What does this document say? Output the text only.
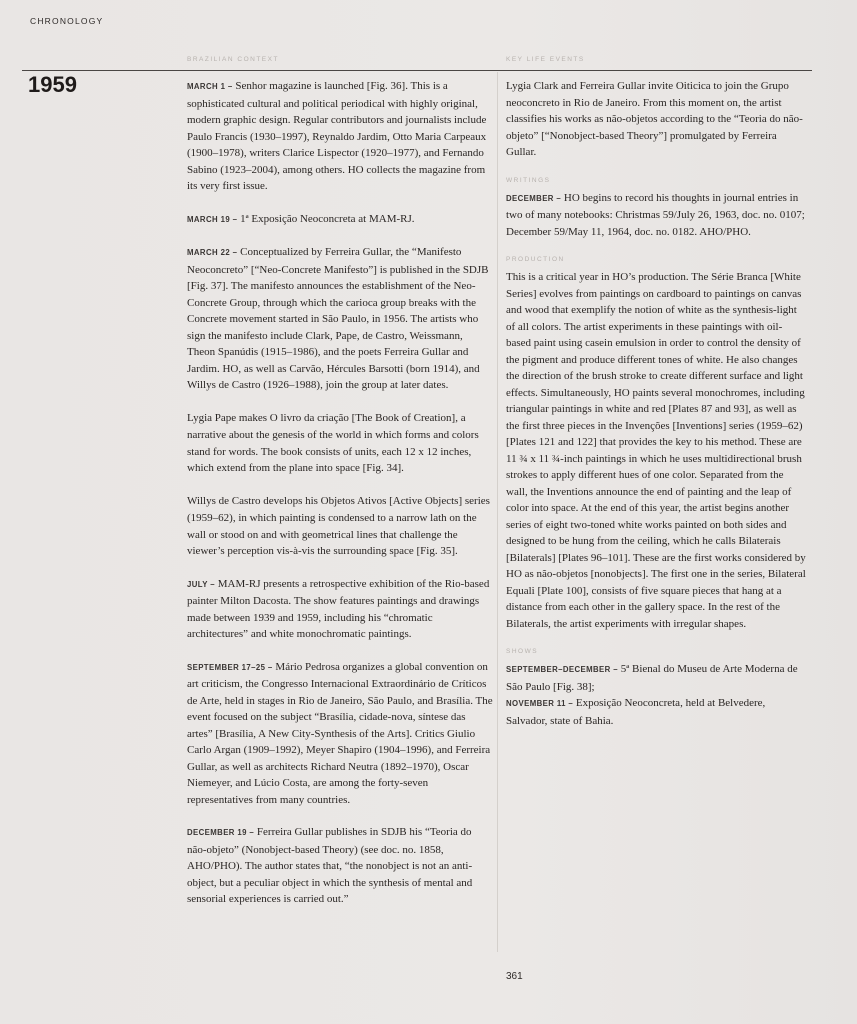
CHRONOLOGY
BRAZILIAN CONTEXT	KEY LIFE EVENTS
1959	MARCH 1 – Senhor magazine is launched [Fig. 36]. This is a sophisticated cultural and political periodical with highly original, modern graphic design. Regular contributors and journalists include Paulo Francis (1930–1997), Reynaldo Jardim, Otto Maria Carpeaux (1900–1978), writers Clarice Lispector (1920–1977), and Fernando Sabino (1923–2004), among others. HO collects the magazine from its very first issue.

MARCH 19 – 1ª Exposição Neoconcreta at MAM-RJ.

MARCH 22 – Conceptualized by Ferreira Gullar, the “Manifesto Neoconcreto” [“Neo-Concrete Manifesto”] is published in the SDJB [Fig. 37]. The manifesto announces the establishment of the Neo-Concrete Group, through which the carioca group breaks with the Concrete movement started in São Paulo, in 1956. The artists who sign the manifesto include Clark, Pape, de Castro, Weissmann, Theon Spanúdis (1915–1986), and the poets Ferreira Gullar and Jardim. HO, as well as Carvão, Hércules Barsotti (born 1914), and Willys de Castro (1926–1988), join the group at later dates.

Lygia Pape makes O livro da criação [The Book of Creation], a narrative about the genesis of the world in which forms and colors stand for words. The book consists of units, each 12 x 12 inches, which extend from the plane into space [Fig. 34].

Willys de Castro develops his Objetos Ativos [Active Objects] series (1959–62), in which painting is condensed to a narrow lath on the wall or stood on and with geometrical lines that challenge the viewer’s perception vis-à-vis the surrounding space [Fig. 35].

JULY – MAM-RJ presents a retrospective exhibition of the Rio-based painter Milton Dacosta. The show features paintings and drawings made between 1939 and 1959, including his “chromatic architectures” and white monochromatic paintings.

SEPTEMBER 17–25 – Mário Pedrosa organizes a global convention on art criticism, the Congresso Internacional Extraordinário de Críticos de Arte, held in stages in Rio de Janeiro, São Paulo, and Brasília. The event focused on the subject “Brasília, cidade-nova, síntese das artes” [Brasília, A New City-Synthesis of the Arts]. Critics Giulio Carlo Argan (1909–1992), Meyer Shapiro (1904–1996), and Ferreira Gullar, as well as architects Richard Neutra (1892–1970), Oscar Niemeyer, and Lúcio Costa, are among the forty-seven representatives from many countries.

DECEMBER 19 – Ferreira Gullar publishes in SDJB his “Teoria do não-objeto” (Nonobject-based Theory) (see doc. no. 1858, AHO/PHO). The author states that, “the nonobject is not an anti-object, but a peculiar object in which the synthesis of mental and sensorial experiences is carried out.”

Lygia Clark and Ferreira Gullar invite Oiticica to join the Grupo neoconcreto in Rio de Janeiro. From this moment on, the artist classifies his works as não-objetos according to the “Teoria do não-objeto” [“Nonobject-based Theory”] promulgated by Ferreira Gullar.

WRITINGS

DECEMBER – HO begins to record his thoughts in journal entries in two of many notebooks: Christmas 59/July 26, 1963, doc. no. 0107; December 59/May 11, 1964, doc. no. 0182. AHO/PHO.

PRODUCTION

This is a critical year in HO’s production. The Série Branca [White Series] evolves from paintings on cardboard to paintings on canvas and wood that exemplify the notion of white as the synthesis-light of all colors. The artist experiments in these paintings with oil-based paint using casein emulsion in order to control the density of the pigment and produce different tones of white. He also changes the direction of the brush stroke to create different surface and light effects. Simultaneously, HO paints several monochromes, including triangular paintings in white and red [Plates 87 and 93], as well as the first three pieces in the Invenções [Inventions] series (1959–62) [Plates 121 and 122] that provides the key to his method. These are 11 ¾ x 11 ¾-inch paintings in which he uses multidirectional brush strokes to apply different hues of one color. Separated from the wall, the Inventions announce the end of painting and the leap of color into space. At the end of this year, the artist begins another series of eight two-toned white works painted on both sides and designed to be hung from the ceiling, which he calls Bilaterais [Bilaterals] [Plates 96–101]. These are the first works considered by HO as não-objetos [nonobjects]. The first one in the series, Bilateral Equali [Plate 100], consists of five square pieces that hang at a distance from each other in the gallery space. In the rest of the Bilaterals, the artist experiments with irregular shapes.

SHOWS

SEPTEMBER–DECEMBER – 5ª Bienal do Museu de Arte Moderna de São Paulo [Fig. 38];

NOVEMBER 11 – Exposição Neoconcreta, held at Belvedere, Salvador, state of Bahia.

361
